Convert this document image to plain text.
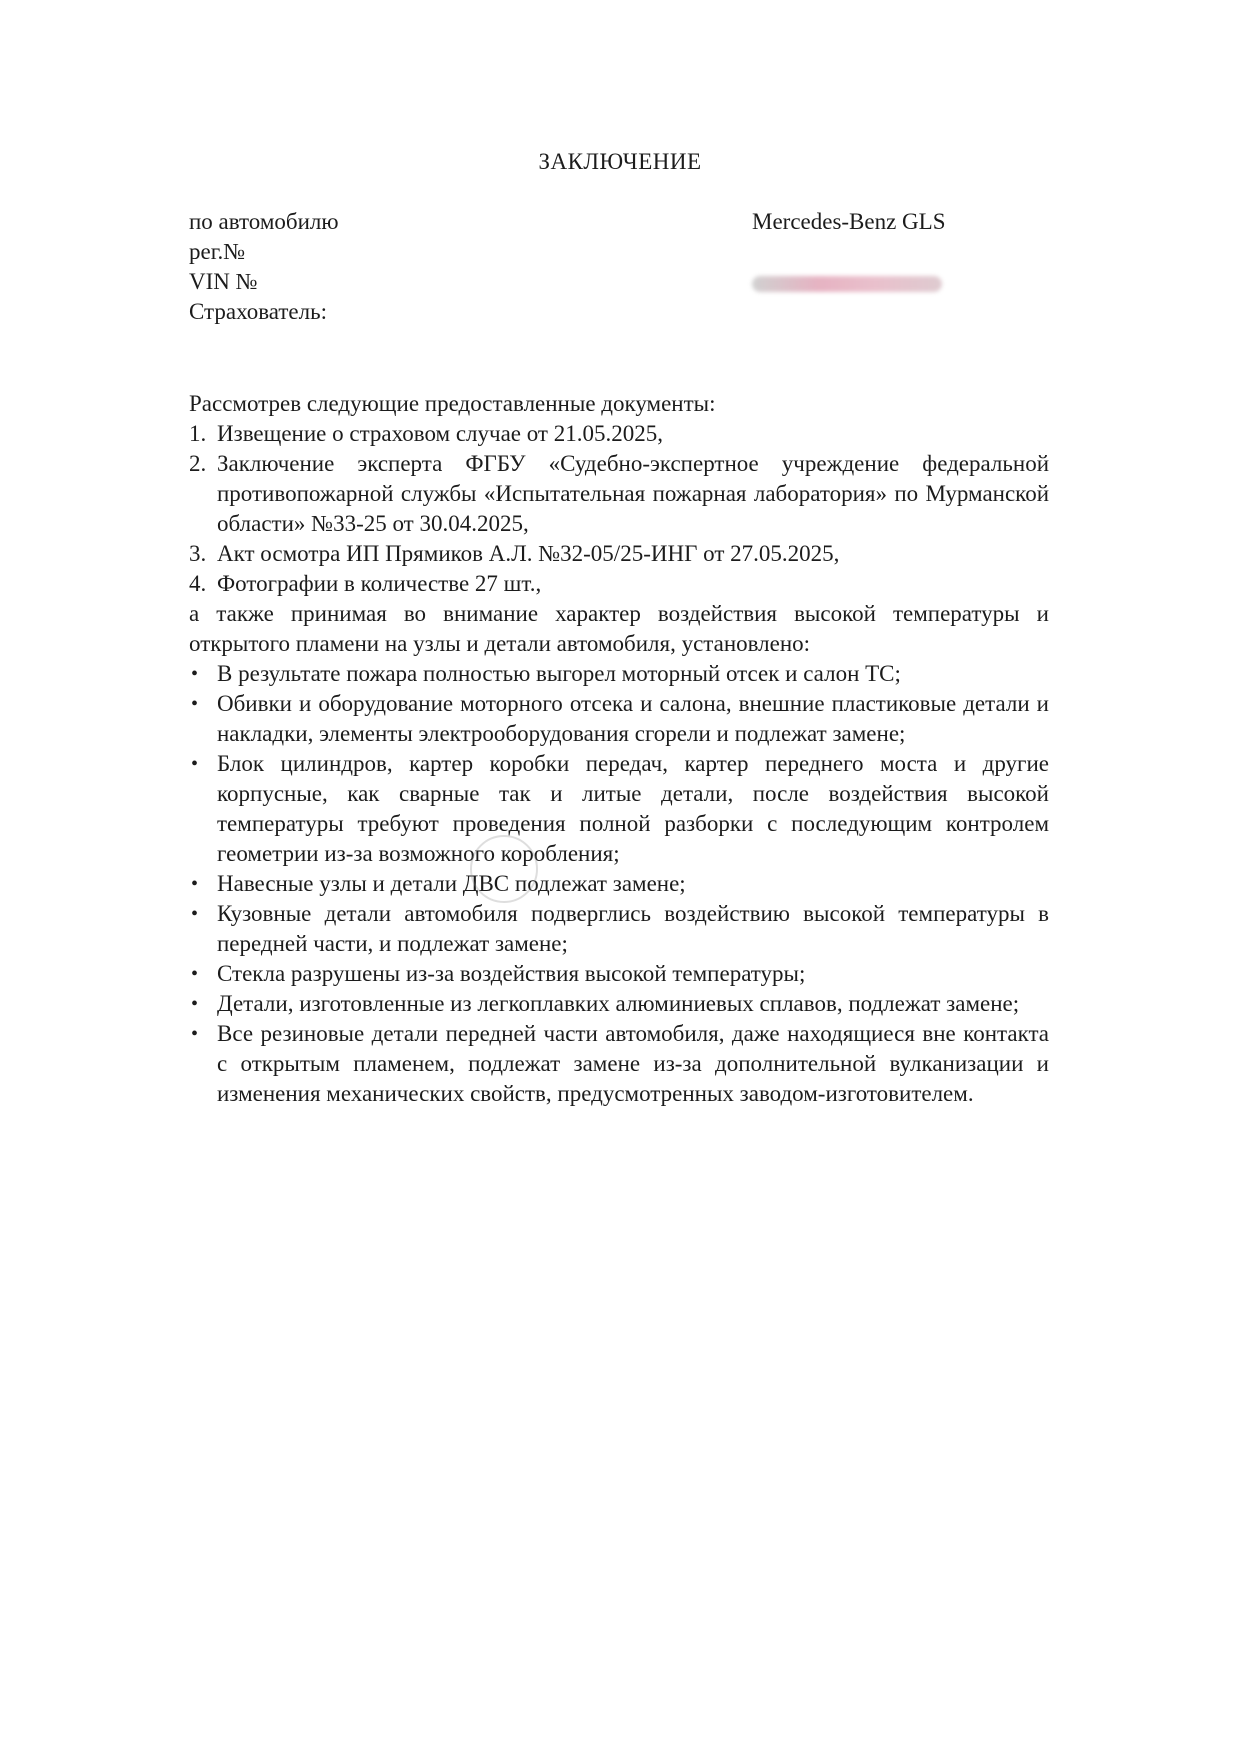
ЗАКЛЮЧЕНИЕ
по автомобилю	Mercedes-Benz GLS
рег.№
VIN №
Страхователь:

Рассмотрев следующие предоставленные документы:

1. Извещение о страховом случае от 21.05.2025,
2. Заключение эксперта ФГБУ «Судебно-экспертное учреждение федеральной противопожарной службы «Испытательная пожарная лаборатория» по Мурманской области» №33-25 от 30.04.2025,
3. Акт осмотра ИП Прямиков А.Л. №32-05/25-ИНГ от 27.05.2025,
4. Фотографии в количестве 27 шт.,

а также принимая во внимание характер воздействия высокой температуры и открытого пламени на узлы и детали автомобиля, установлено:

• В результате пожара полностью выгорел моторный отсек и салон ТС;
• Обивки и оборудование моторного отсека и салона, внешние пластиковые детали и накладки, элементы электрооборудования сгорели и подлежат замене;
• Блок цилиндров, картер коробки передач, картер переднего моста и другие корпусные, как сварные так и литые детали, после воздействия высокой температуры требуют проведения полной разборки с последующим контролем геометрии из-за возможного коробления;
• Навесные узлы и детали ДВС подлежат замене;
• Кузовные детали автомобиля подверглись воздействию высокой температуры в передней части, и подлежат замене;
• Стекла разрушены из-за воздействия высокой температуры;
• Детали, изготовленные из легкоплавких алюминиевых сплавов, подлежат замене;
• Все резиновые детали передней части автомобиля, даже находящиеся вне контакта с открытым пламенем, подлежат замене из-за дополнительной вулканизации и изменения механических свойств, предусмотренных заводом-изготовителем.
